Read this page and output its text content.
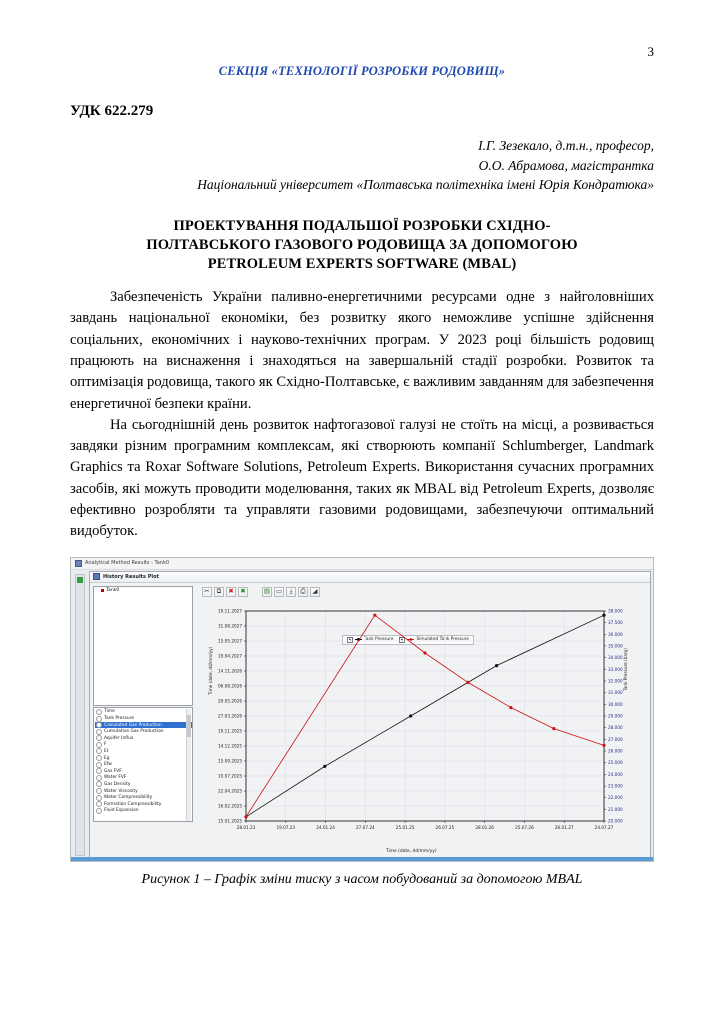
3
СЕКЦІЯ «ТЕХНОЛОГІЇ РОЗРОБКИ РОДОВИЩ»
УДК 622.279
І.Г. Зезекало, д.т.н., професор,
О.О. Абрамова, магістрантка
Національний університет «Полтавська політехніка імені Юрія Кондратюка»
ПРОЕКТУВАННЯ ПОДАЛЬШОЇ РОЗРОБКИ СХІДНО-
ПОЛТАВСЬКОГО ГАЗОВОГО РОДОВИЩА ЗА ДОПОМОГОЮ
PETROLEUM EXPERTS SOFTWARE (MBAL)
Забезпеченість України паливно-енергетичними ресурсами одне з найголовніших завдань національної економіки, без розвитку якого неможливе успішне здійснення соціальних, економічних і науково-технічних програм. У 2023 році більшість родовищ працюють на виснаження і знаходяться на завершальній стадії розробки. Розвиток та оптимізація родовища, такого як Східно-Полтавське, є важливим завданням для забезпечення енергетичної безпеки країни.
На сьогоднішній день розвиток нафтогазової галузі не стоїть на місці, а розвивається завдяки різним програмним комплексам, які створюють компанії Schlumberger, Landmark Graphics та Roxar Software Solutions, Petroleum Experts. Використання сучасних програмних засобів, які можуть проводити моделювання, таких як MBAL від Petroleum Experts, дозволяє ефективно розробляти та управляти газовими родовищами, забезпечуючи оптимальний видобуток.
Analytical Method Results - Tank0
History Results Plot
Tank0
Time
Tank Pressure
Calculated Gas Production
Cumulative Gas Production
Aquifer Influx
F
Et
Eg
Efw
Gas FVF
Water FVF
Gas Density
Water Viscosity
Water Compressibility
Formation Compressibility
Fluid Expansion
✂ ⧉ ✖ ✖	▤ ▭ ⤓ ⎙ ◢
Tank Pressure	Simulated Tank Pressure
19.11.2027
31.08.2027
15.05.2027
19.04.2027
14.11.2026
06.08.2026
20.05.2026
27.03.2026
19.11.2025
14.12.2025
15.09.2025
10.07.2025
22.04.2025
16.02.2025
15.01.2025
38.000
37.500
36.000
35.000
34.000
33.000
32.000
31.000
30.000
29.000
28.000
27.000
26.000
25.000
24.000
23.000
22.000
21.000
20.000
28.01.23	19.07.23	24.01.24	27.07.24	25.01.25	26.07.25	28.01.26	25.07.26	26.01.27	24.07.27
Time (date, dd/mm/yy)
Time (date, dd/mm/yy)	Tank Pressure (barg)
Рисунок 1 – Графік зміни тиску з часом побудований за допомогою MBAL
